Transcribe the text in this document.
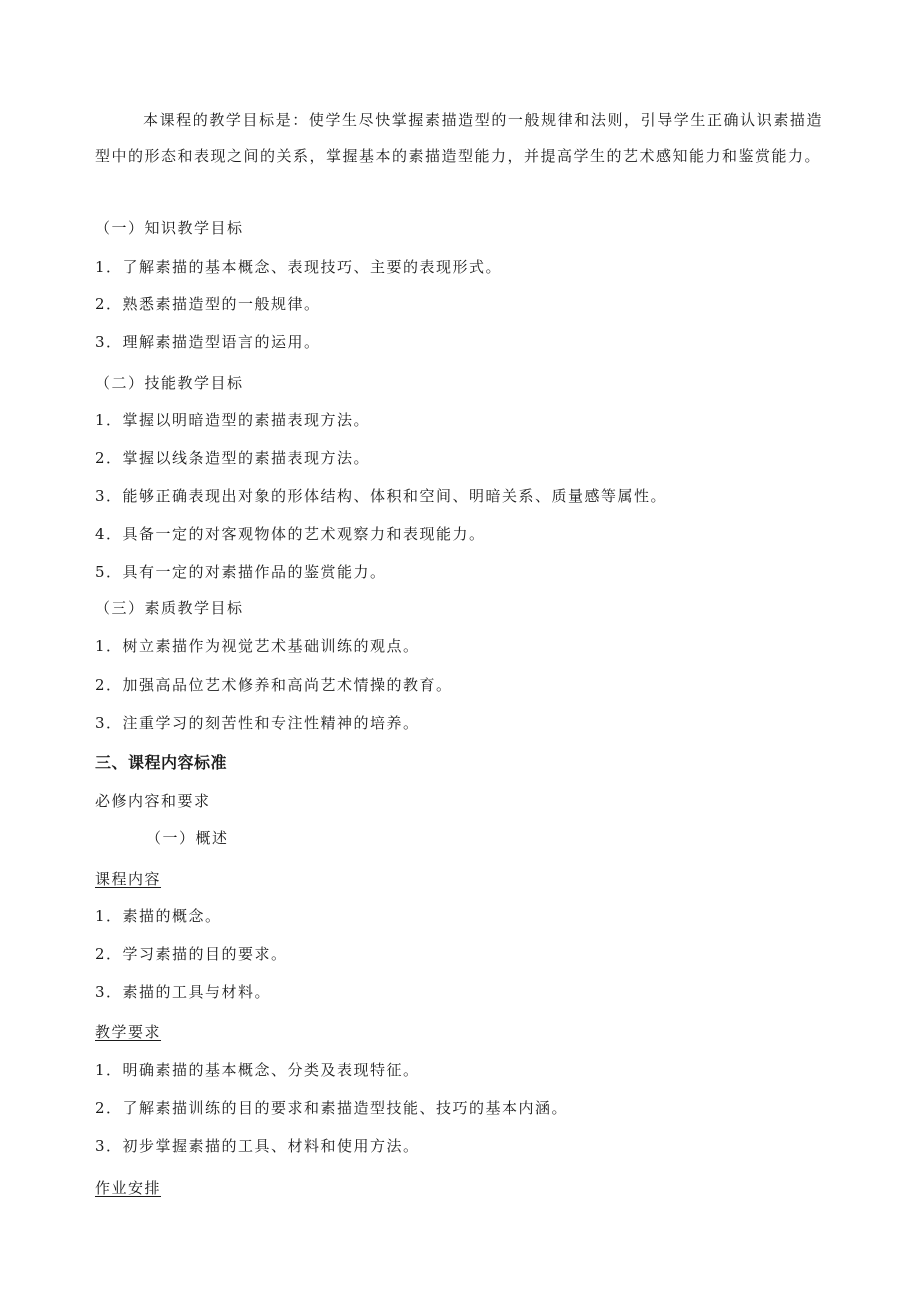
本课程的教学目标是：使学生尽快掌握素描造型的一般规律和法则，引导学生正确认识素描造型中的形态和表现之间的关系，掌握基本的素描造型能力，并提高学生的艺术感知能力和鉴赏能力。
（一）知识教学目标
1．了解素描的基本概念、表现技巧、主要的表现形式。
2．熟悉素描造型的一般规律。
3．理解素描造型语言的运用。
（二）技能教学目标
1．掌握以明暗造型的素描表现方法。
2．掌握以线条造型的素描表现方法。
3．能够正确表现出对象的形体结构、体积和空间、明暗关系、质量感等属性。
4．具备一定的对客观物体的艺术观察力和表现能力。
5．具有一定的对素描作品的鉴赏能力。
（三）素质教学目标
1．树立素描作为视觉艺术基础训练的观点。
2．加强高品位艺术修养和高尚艺术情操的教育。
3．注重学习的刻苦性和专注性精神的培养。
三、课程内容标准
必修内容和要求
（一）概述
课程内容
1．素描的概念。
2．学习素描的目的要求。
3．素描的工具与材料。
教学要求
1．明确素描的基本概念、分类及表现特征。
2．了解素描训练的目的要求和素描造型技能、技巧的基本内涵。
3．初步掌握素描的工具、材料和使用方法。
作业安排
